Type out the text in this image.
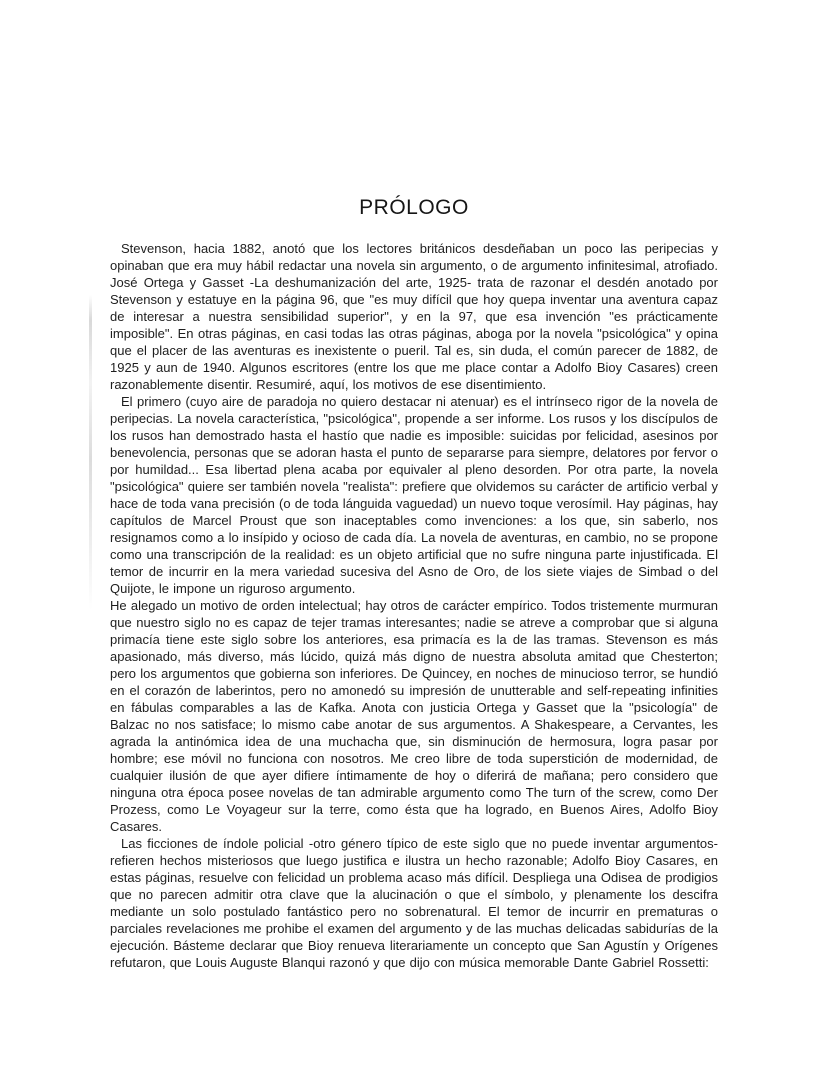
PRÓLOGO

Stevenson, hacia 1882, anotó que los lectores británicos desdeñaban un poco las peripecias y opinaban que era muy hábil redactar una novela sin argumento, o de argumento infinitesimal, atrofiado. José Ortega y Gasset -La deshumanización del arte, 1925- trata de razonar el desdén anotado por Stevenson y estatuye en la página 96, que "es muy difícil que hoy quepa inventar una aventura capaz de interesar a nuestra sensibilidad superior", y en la 97, que esa invención "es prácticamente imposible". En otras páginas, en casi todas las otras páginas, aboga por la novela "psicológica" y opina que el placer de las aventuras es inexistente o pueril. Tal es, sin duda, el común parecer de 1882, de 1925 y aun de 1940. Algunos escritores (entre los que me place contar a Adolfo Bioy Casares) creen razonablemente disentir. Resumiré, aquí, los motivos de ese disentimiento.

El primero (cuyo aire de paradoja no quiero destacar ni atenuar) es el intrínseco rigor de la novela de peripecias. La novela característica, "psicológica", propende a ser informe. Los rusos y los discípulos de los rusos han demostrado hasta el hastío que nadie es imposible: suicidas por felicidad, asesinos por benevolencia, personas que se adoran hasta el punto de separarse para siempre, delatores por fervor o por humildad... Esa libertad plena acaba por equivaler al pleno desorden. Por otra parte, la novela "psicológica" quiere ser también novela "realista": prefiere que olvidemos su carácter de artificio verbal y hace de toda vana precisión (o de toda lánguida vaguedad) un nuevo toque verosímil. Hay páginas, hay capítulos de Marcel Proust que son inaceptables como invenciones: a los que, sin saberlo, nos resignamos como a lo insípido y ocioso de cada día. La novela de aventuras, en cambio, no se propone como una transcripción de la realidad: es un objeto artificial que no sufre ninguna parte injustificada. El temor de incurrir en la mera variedad sucesiva del Asno de Oro, de los siete viajes de Simbad o del Quijote, le impone un riguroso argumento.

He alegado un motivo de orden intelectual; hay otros de carácter empírico. Todos tristemente murmuran que nuestro siglo no es capaz de tejer tramas interesantes; nadie se atreve a comprobar que si alguna primacía tiene este siglo sobre los anteriores, esa primacía es la de las tramas. Stevenson es más apasionado, más diverso, más lúcido, quizá más digno de nuestra absoluta amitad que Chesterton; pero los argumentos que gobierna son inferiores. De Quincey, en noches de minucioso terror, se hundió en el corazón de laberintos, pero no amonedó su impresión de unutterable and self-repeating infinities en fábulas comparables a las de Kafka. Anota con justicia Ortega y Gasset que la "psicología" de Balzac no nos satisface; lo mismo cabe anotar de sus argumentos. A Shakespeare, a Cervantes, les agrada la antinómica idea de una muchacha que, sin disminución de hermosura, logra pasar por hombre; ese móvil no funciona con nosotros. Me creo libre de toda superstición de modernidad, de cualquier ilusión de que ayer difiere íntimamente de hoy o diferirá de mañana; pero considero que ninguna otra época posee novelas de tan admirable argumento como The turn of the screw, como Der Prozess, como Le Voyageur sur la terre, como ésta que ha logrado, en Buenos Aires, Adolfo Bioy Casares.

Las ficciones de índole policial -otro género típico de este siglo que no puede inventar argumentos- refieren hechos misteriosos que luego justifica e ilustra un hecho razonable; Adolfo Bioy Casares, en estas páginas, resuelve con felicidad un problema acaso más difícil. Despliega una Odisea de prodigios que no parecen admitir otra clave que la alucinación o que el símbolo, y plenamente los descifra mediante un solo postulado fantástico pero no sobrenatural. El temor de incurrir en prematuras o parciales revelaciones me prohibe el examen del argumento y de las muchas delicadas sabidurías de la ejecución. Básteme declarar que Bioy renueva literariamente un concepto que San Agustín y Orígenes refutaron, que Louis Auguste Blanqui razonó y que dijo con música memorable Dante Gabriel Rossetti:
